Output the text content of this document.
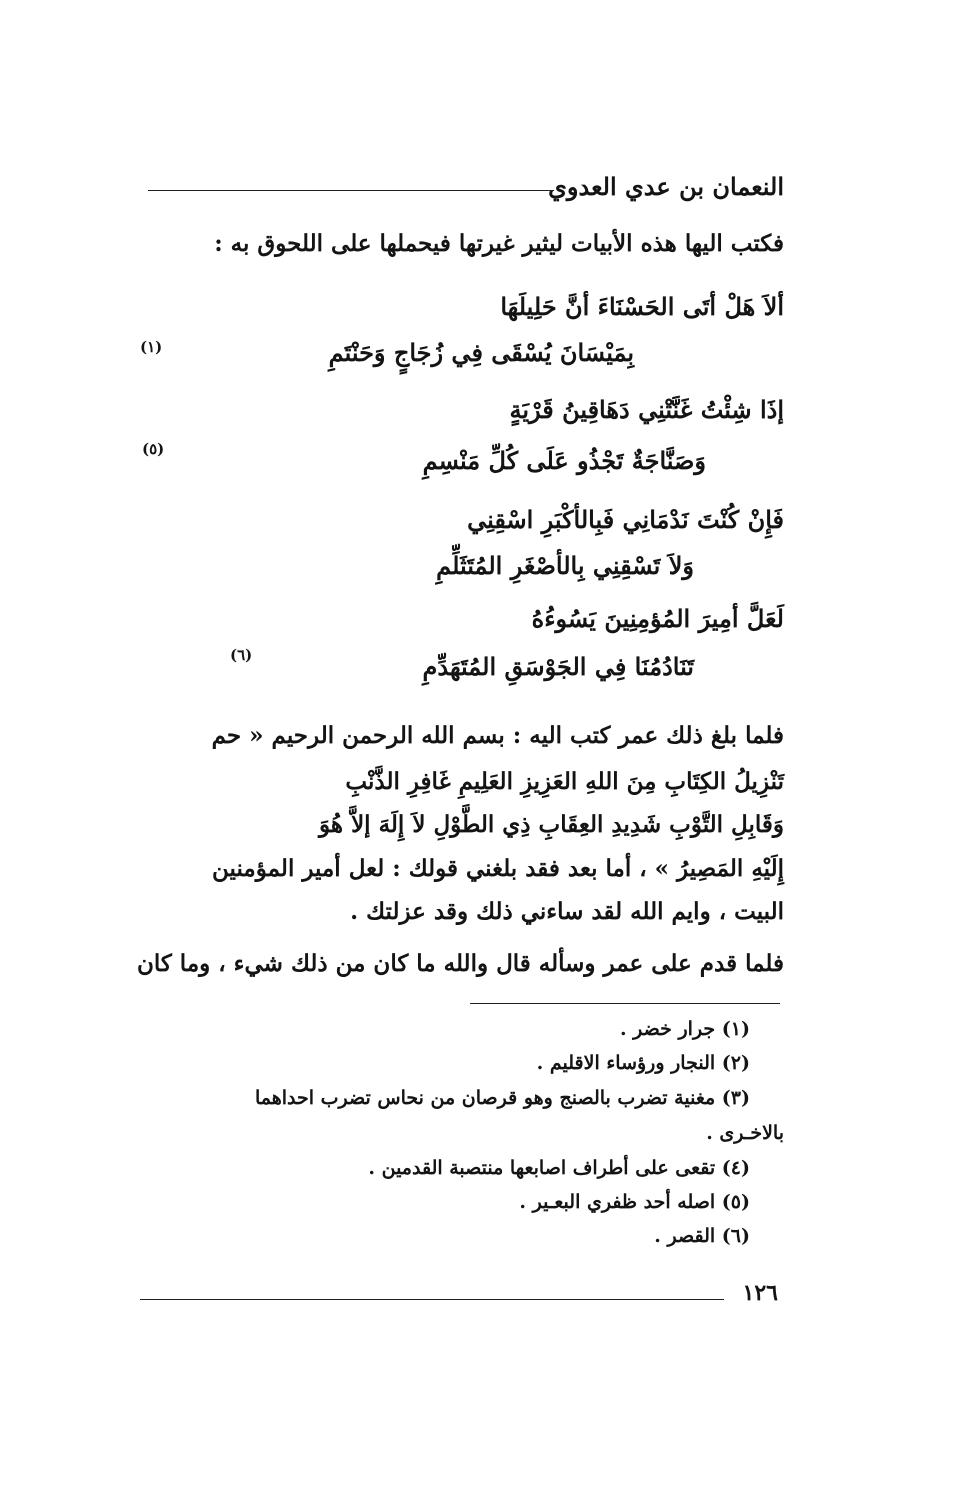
النعمان بن عدي العدوي
فكتب اليها هذه الأبيات ليثير غيرتها فيحملها على اللحوق به :
ألاَ هَلْ أتَى الحَسْنَاءَ أنَّ حَلِيلَهَا
بِمَيْسَانَ يُسْقَى فِي زُجَاجٍ وَحَنْتَمِ
(١)
إذَا شِئْتُ غَنَّتْنِي دَهَاقِينُ قَرْيَةٍ
وَصَنَّاجَةٌ تَجْذُو عَلَى كُلِّ مَنْسِمِ
(٥)
فَإِنْ كُنْتَ نَدْمَانِي فَبِالأكْبَرِ اسْقِنِي
وَلاَ تَسْقِنِي بِالأصْغَرِ المُتَثَلِّمِ
لَعَلَّ أمِيرَ المُؤمِنِينَ يَسُوءُهُ
تَنَادُمُنَا فِي الجَوْسَقِ المُتَهَدِّمِ
(٦)
فلما بلغ ذلك عمر كتب اليه : بسم الله الرحمن الرحيم « حم
تَنْزِيلُ الكِتَابِ مِنَ اللهِ العَزِيزِ العَلِيمِ غَافِرِ الذَّنْبِ
وَقَابِلِ التَّوْبِ شَدِيدِ العِقَابِ ذِي الطَّوْلِ لاَ إِلَهَ إلاَّ هُوَ
إِلَيْهِ المَصِيرُ » ، أما بعد فقد بلغني قولك : لعل أمير المؤمنين
البيت ، وايم الله لقد ساءني ذلك وقد عزلتك .
فلما قدم على عمر وسأله قال والله ما كان من ذلك شيء ، وما كان
(١) جرار خضر .
(٢) النجار ورؤساء الاقليم .
(٣) مغنية تضرب بالصنج وهو قرصان من نحاس تضرب احداهما
بالاخـرى .
(٤) تقعى على أطراف اصابعها منتصبة القدمين .
(٥) اصله أحد ظفري البعـير .
(٦) القصر .
١٢٦
